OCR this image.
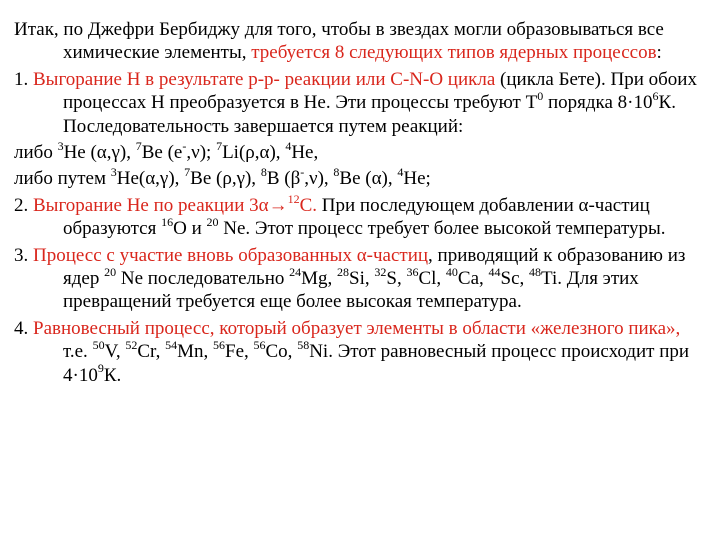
Итак, по Джефри Бербиджу для того, чтобы в звездах могли образовываться все химические элементы, требуется 8 следующих типов ядерных процессов:

1. Выгорание Н в результате р-р- реакции или C-N-O цикла (цикла Бете). При обоих процессах Н преобразуется в Не. Эти процессы требуют $Т^0$ порядка $8\cdot 10^6К$. Последовательность завершается путем реакций:

либо $^3$He (α,γ), $^7$Be (e-,ν); $^7$Li(ρ,α), $^4$He,

либо путем $^3$He(α,γ), $^7$Be (ρ,γ), $^8$B (β-,ν), $^8$Be (α), $^4$He;

2. Выгорание Не по реакции 3α→$^{12}$С. При последующем добавлении α-частиц образуются $^{16}$O и $^{20}$ Ne. Этот процесс требует более высокой температуры.

3. Процесс с участие вновь образованных α-частиц, приводящий к образованию из ядер $^{20}$ Ne последовательно $^{24}$Mg, $^{28}$Si, $^{32}$S, $^{36}$Cl, $^{40}$Ca, $^{44}$Sc, $^{48}$Ti. Для этих превращений требуется еще более высокая температура.

4. Равновесный процесс, который образует элементы в области «железного пика», т.е. $^{50}$V, $^{52}$Cr, $^{54}$Mn, $^{56}$Fe, $^{56}$Co, $^{58}$Ni. Этот равновесный процесс происходит при $4\cdot 10^9К$.
